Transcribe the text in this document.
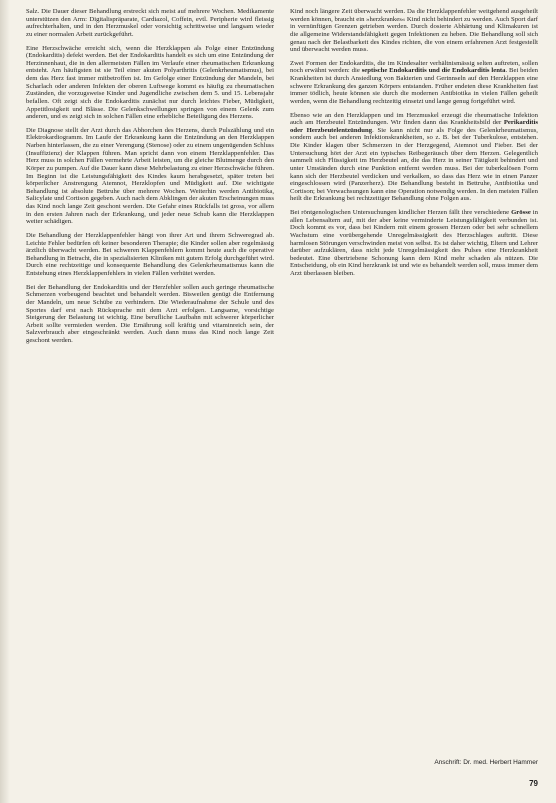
Salz. Die Dauer dieser Behandlung erstreckt sich meist auf mehrere Wochen. Medikamente unterstützen den Arm: Digitalispräparate, Cardiazol, Coffein, evtl. Peripherie wird fleissig aufrechterhalten, und in den Herzmuskel oder vorsichtig schrittweise und langsam wieder zu einer normalen Arbeit zurückgeführt.

Eine Herzschwäche erreicht sich, wenn die Herzklappen als Folge einer Entzündung (Endokarditis) defekt werden. Bei der Endokarditis handelt es sich um eine Entzündung der Herzinnenhaut, die in den allermeisten Fällen im Verlaufe einer rheumatischen Erkrankung entsteht. Am häufigsten ist sie Teil einer akuten Polyarthritis (Gelenkrheumatismus), bei dem das Herz fast immer mitbetroffen ist. Im Gefolge einer Entzündung der Mandeln, bei Scharlach oder anderen Infekten der oberen Luftwege kommt es häufig zu rheumatischen Zuständen, die vorzugsweise Kinder und Jugendliche zwischen dem 5. und 15. Lebensjahr befallen. Oft zeigt sich die Endokarditis zunächst nur durch leichtes Fieber, Müdigkeit, Appetitlosigkeit und Blässe. Die Gelenkschwellungen springen von einem Gelenk zum anderen, und es zeigt sich in solchen Fällen eine erhebliche Beteiligung des Herzens.

Die Diagnose stellt der Arzt durch das Abhorchen des Herzens, durch Pulszählung und ein Elektrokardiogramm. Im Laufe der Erkrankung kann die Entzündung an den Herzklappen Narben hinterlassen, die zu einer Verengung (Stenose) oder zu einem ungenügenden Schluss (Insuffizienz) der Klappen führen. Man spricht dann von einem Herzklappenfehler. Das Herz muss in solchen Fällen vermehrte Arbeit leisten, um die gleiche Blutmenge durch den Körper zu pumpen. Auf die Dauer kann diese Mehrbelastung zu einer Herzschwäche führen. Im Beginn ist die Leistungsfähigkeit des Kindes kaum herabgesetzt, später treten bei körperlicher Anstrengung Atemnot, Herzklopfen und Müdigkeit auf. Die wichtigste Behandlung ist absolute Bettruhe über mehrere Wochen. Weiterhin werden Antibiotika, Salicylate und Cortison gegeben. Auch nach dem Abklingen der akuten Erscheinungen muss das Kind noch lange Zeit geschont werden. Die Gefahr eines Rückfalls ist gross, vor allem in den ersten Jahren nach der Erkrankung, und jeder neue Schub kann die Herzklappen weiter schädigen.

Die Behandlung der Herzklappenfehler hängt von ihrer Art und ihrem Schweregrad ab. Leichte Fehler bedürfen oft keiner besonderen Therapie; die Kinder sollen aber regelmässig ärztlich überwacht werden. Bei schweren Klappenfehlern kommt heute auch die operative Behandlung in Betracht, die in spezialisierten Kliniken mit gutem Erfolg durchgeführt wird. Durch eine rechtzeitige und konsequente Behandlung des Gelenkrheumatismus kann die Entstehung eines Herzklappenfehlers in vielen Fällen verhütet werden.

Bei der Behandlung der Endokarditis und der Herzfehler sollen auch geringe rheumatische Schmerzen vorbeugend beachtet und behandelt werden. Bisweilen genügt die Entfernung der Mandeln, um neue Schübe zu verhindern. Die Wiederaufnahme der Schule und des Sportes darf erst nach Rücksprache mit dem Arzt erfolgen. Langsame, vorsichtige Steigerung der Belastung ist wichtig. Eine berufliche Laufbahn mit schwerer körperlicher Arbeit sollte vermieden werden. Die Ernährung soll kräftig und vitaminreich sein, der Salzverbrauch aber eingeschränkt werden. Auch dann muss das Kind noch lange Zeit geschont werden.

Kind noch längere Zeit überwacht werden. Da die Herzklappenfehler weitgehend ausgeheilt werden können, braucht ein »herzkrankes« Kind nicht behindert zu werden. Auch Sport darf in vernünftigen Grenzen getrieben werden. Durch dosierte Abhärtung und Klimakuren ist die allgemeine Widerstandsfähigkeit gegen Infektionen zu heben. Die Behandlung soll sich genau nach der Belastbarkeit des Kindes richten, die von einem erfahrenen Arzt festgestellt und überwacht werden muss.

Zwei Formen der Endokarditis, die im Kindesalter verhältnismässig selten auftreten, sollen noch erwähnt werden: die septische Endokarditis und die Endokarditis lenta. Bei beiden Krankheiten ist durch Ansiedlung von Bakterien und Gerinnseln auf den Herzklappen eine schwere Erkrankung des ganzen Körpers entstanden. Früher endeten diese Krankheiten fast immer tödlich, heute können sie durch die modernen Antibiotika in vielen Fällen geheilt werden, wenn die Behandlung rechtzeitig einsetzt und lange genug fortgeführt wird.

Ebenso wie an den Herzklappen und im Herzmuskel erzeugt die rheumatische Infektion auch am Herzbeutel Entzündungen. Wir finden dann das Krankheitsbild der Perikarditis oder Herzbeutelentzündung. Sie kann nicht nur als Folge des Gelenkrheumatismus, sondern auch bei anderen Infektionskrankheiten, so z. B. bei der Tuberkulose, entstehen. Die Kinder klagen über Schmerzen in der Herzgegend, Atemnot und Fieber. Bei der Untersuchung hört der Arzt ein typisches Reibegeräusch über dem Herzen. Gelegentlich sammelt sich Flüssigkeit im Herzbeutel an, die das Herz in seiner Tätigkeit behindert und unter Umständen durch eine Punktion entfernt werden muss. Bei der tuberkulösen Form kann sich der Herzbeutel verdicken und verkalken, so dass das Herz wie in einen Panzer eingeschlossen wird (Panzerherz). Die Behandlung besteht in Bettruhe, Antibiotika und Cortison; bei Verwachsungen kann eine Operation notwendig werden. In den meisten Fällen heilt die Erkrankung bei rechtzeitiger Behandlung ohne Folgen aus.

Bei röntgenologischen Untersuchungen kindlicher Herzen fällt ihre verschiedene Grösse in allen Lebensaltern auf, mit der aber keine verminderte Leistungsfähigkeit verbunden ist. Doch kommt es vor, dass bei Kindern mit einem grossen Herzen oder bei sehr schnellem Wachstum eine vorübergehende Unregelmässigkeit des Herzschlages auftritt. Diese harmlosen Störungen verschwinden meist von selbst. Es ist daher wichtig, Eltern und Lehrer darüber aufzuklären, dass nicht jede Unregelmässigkeit des Pulses eine Herzkrankheit bedeutet. Eine übertriebene Schonung kann dem Kind mehr schaden als nützen. Die Entscheidung, ob ein Kind herzkrank ist und wie es behandelt werden soll, muss immer dem Arzt überlassen bleiben.

Anschrift: Dr. med. Herbert Hammer
79
